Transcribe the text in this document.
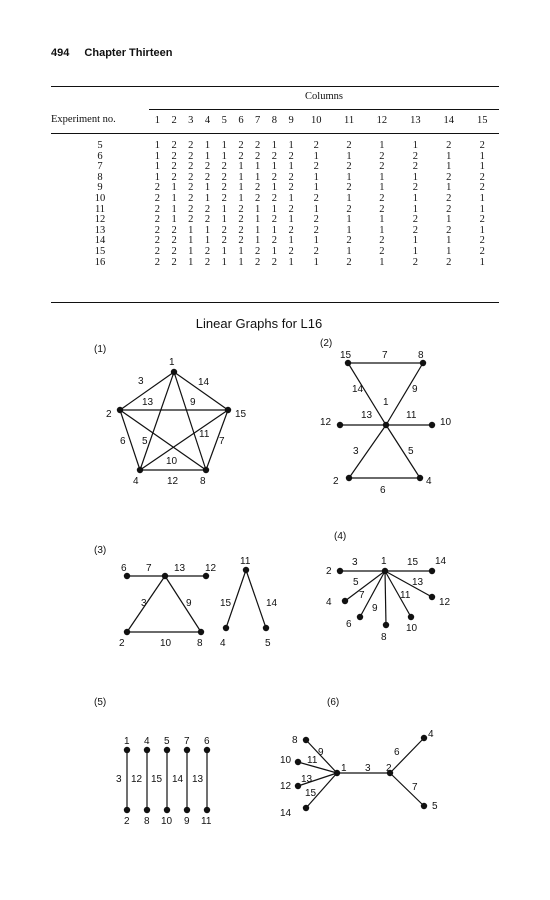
494 Chapter Thirteen
	Columns														
Experiment no.	1	2	3	4	5	6	7	8	9	10	11	12	13	14	15

5	1	2	2	1	1	2	2	1	1	2	2	1	1	2	2
6	1	2	2	1	1	2	2	2	2	1	1	2	2	1	1
7	1	2	2	2	2	1	1	1	1	2	2	2	2	1	1
8	1	2	2	2	2	1	1	2	2	1	1	1	1	2	2
9	2	1	2	1	2	1	2	1	2	1	2	1	2	1	2
10	2	1	2	1	2	1	2	2	1	2	1	2	1	2	1
11	2	1	2	2	1	2	1	1	2	1	2	2	1	2	1
12	2	1	2	2	1	2	1	2	1	2	1	1	2	1	2
13	2	2	1	1	2	2	1	1	2	2	1	1	2	2	1
14	2	2	1	1	2	2	1	2	1	1	2	2	1	1	2
15	2	2	1	2	1	1	2	1	2	2	1	2	1	1	2
16	2	2	1	2	1	1	2	2	1	1	2	1	2	2	1
Linear Graphs for L16
(1)
1
2	15
4	8
3	14
13	9
6 5
11
7
10
12
(2)
15	8
12	10
2	4
7
14	9
1
13	11
3	5
6
(3)
6	13 12
2	8
11
4	5
7
3	9
10
15	14
(4)
2
1	14
4
6
8
10
12
3	15
5	13
7	11
9
(5)
1 4 5 7 6
2 8 10 9 11
3 12 15 14 13
(6)
8
10
12
14
1	2
4
5
9
11
13
15
3
6
7
